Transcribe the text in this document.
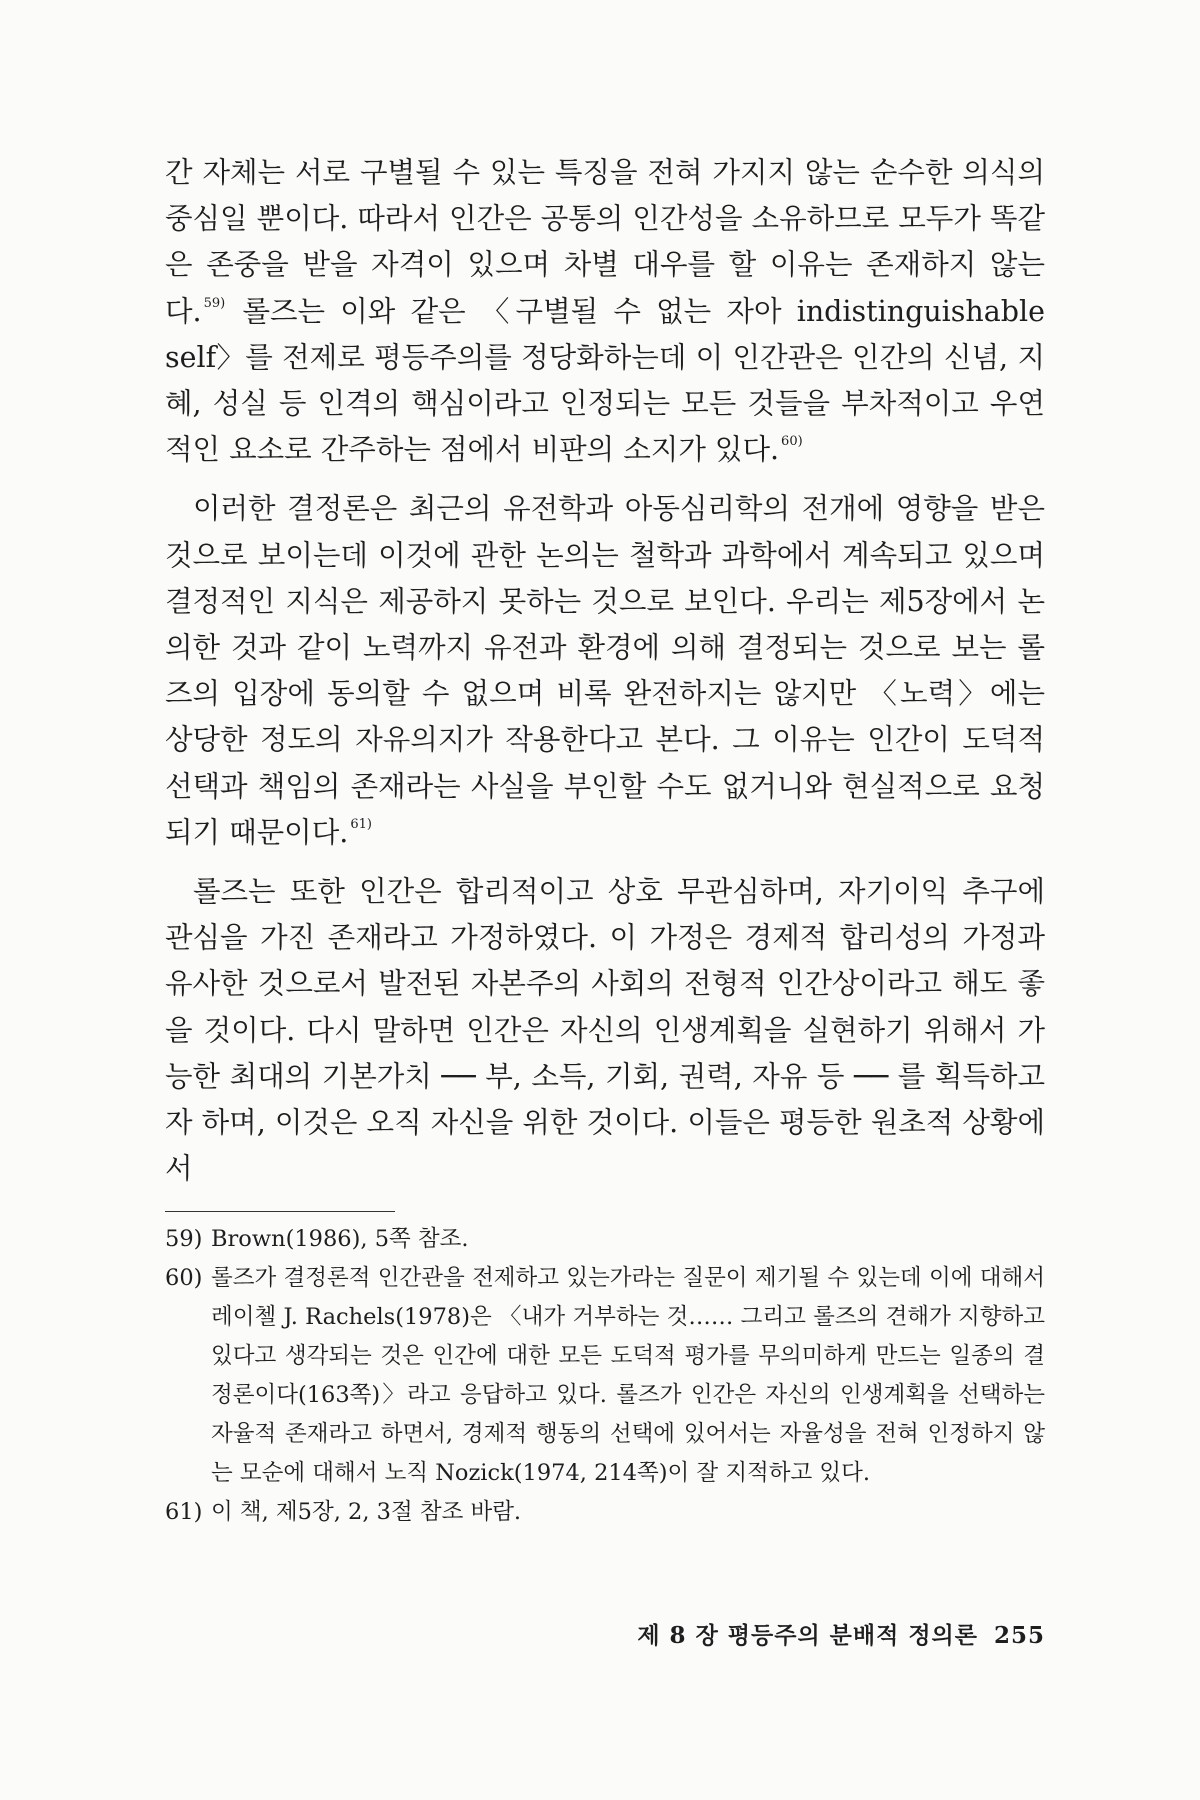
간 자체는 서로 구별될 수 있는 특징을 전혀 가지지 않는 순수한 의식의 중심일 뿐이다. 따라서 인간은 공통의 인간성을 소유하므로 모두가 똑같은 존중을 받을 자격이 있으며 차별 대우를 할 이유는 존재하지 않는다. $^{59)}$ 롤즈는 이와 같은 〈구별될 수 없는 자아 indistinguishable self〉를 전제로 평등주의를 정당화하는데 이 인간관은 인간의 신념, 지혜, 성실 등 인격의 핵심이라고 인정되는 모든 것들을 부차적이고 우연적인 요소로 간주하는 점에서 비판의 소지가 있다. $^{60)}$

이러한 결정론은 최근의 유전학과 아동심리학의 전개에 영향을 받은 것으로 보이는데 이것에 관한 논의는 철학과 과학에서 계속되고 있으며 결정적인 지식은 제공하지 못하는 것으로 보인다. 우리는 제5장에서 논의한 것과 같이 노력까지 유전과 환경에 의해 결정되는 것으로 보는 롤즈의 입장에 동의할 수 없으며 비록 완전하지는 않지만 〈노력〉에는 상당한 정도의 자유의지가 작용한다고 본다. 그 이유는 인간이 도덕적 선택과 책임의 존재라는 사실을 부인할 수도 없거니와 현실적으로 요청되기 때문이다. $^{61)}$

롤즈는 또한 인간은 합리적이고 상호 무관심하며, 자기이익 추구에 관심을 가진 존재라고 가정하였다. 이 가정은 경제적 합리성의 가정과 유사한 것으로서 발전된 자본주의 사회의 전형적 인간상이라고 해도 좋을 것이다. 다시 말하면 인간은 자신의 인생계획을 실현하기 위해서 가능한 최대의 기본가치 ── 부, 소득, 기회, 권력, 자유 등 ── 를 획득하고자 하며, 이것은 오직 자신을 위한 것이다. 이들은 평등한 원초적 상황에서

59) Brown(1986), 5쪽 참조.
60) 롤즈가 결정론적 인간관을 전제하고 있는가라는 질문이 제기될 수 있는데 이에 대해서 레이첼 J. Rachels(1978)은 〈내가 거부하는 것…… 그리고 롤즈의 견해가 지향하고 있다고 생각되는 것은 인간에 대한 모든 도덕적 평가를 무의미하게 만드는 일종의 결정론이다(163쪽)〉라고 응답하고 있다. 롤즈가 인간은 자신의 인생계획을 선택하는 자율적 존재라고 하면서, 경제적 행동의 선택에 있어서는 자율성을 전혀 인정하지 않는 모순에 대해서 노직 Nozick(1974, 214쪽)이 잘 지적하고 있다.
61) 이 책, 제5장, 2, 3절 참조 바람.
제 8 장 평등주의 분배적 정의론 255
